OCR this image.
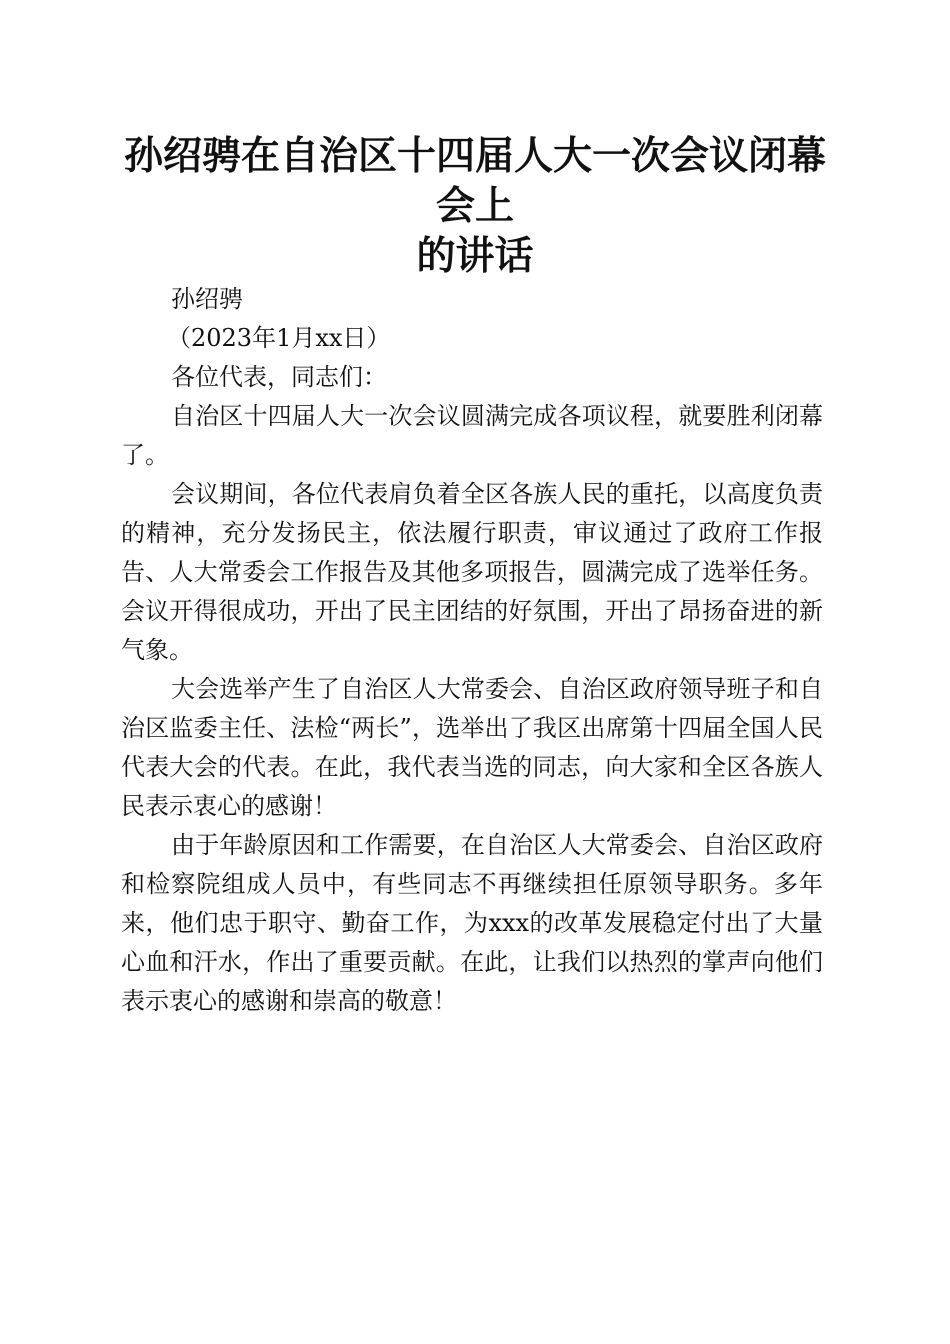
孙绍骋在自治区十四届人大一次会议闭幕会上
的讲话

孙绍骋

（2023年1月xx日）

各位代表，同志们：

自治区十四届人大一次会议圆满完成各项议程，就要胜利闭幕了。

会议期间，各位代表肩负着全区各族人民的重托，以高度负责的精神，充分发扬民主，依法履行职责，审议通过了政府工作报告、人大常委会工作报告及其他多项报告，圆满完成了选举任务。会议开得很成功，开出了民主团结的好氛围，开出了昂扬奋进的新气象。

大会选举产生了自治区人大常委会、自治区政府领导班子和自治区监委主任、法检“两长”，选举出了我区出席第十四届全国人民代表大会的代表。在此，我代表当选的同志，向大家和全区各族人民表示衷心的感谢！

由于年龄原因和工作需要，在自治区人大常委会、自治区政府和检察院组成人员中，有些同志不再继续担任原领导职务。多年来，他们忠于职守、勤奋工作，为xxx的改革发展稳定付出了大量心血和汗水，作出了重要贡献。在此，让我们以热烈的掌声向他们表示衷心的感谢和崇高的敬意！
